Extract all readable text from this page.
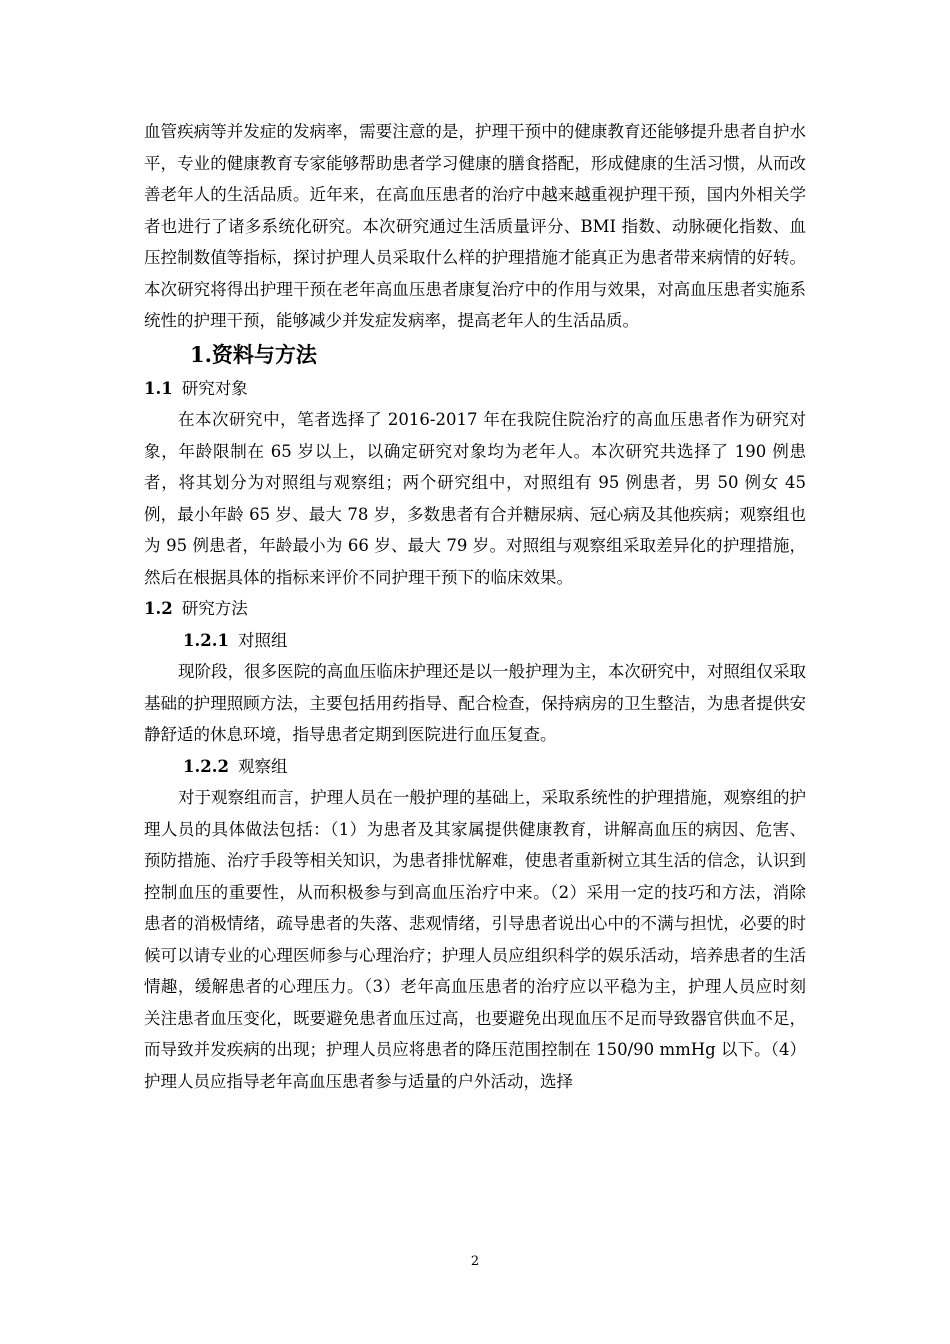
血管疾病等并发症的发病率，需要注意的是，护理干预中的健康教育还能够提升患者自护水平，专业的健康教育专家能够帮助患者学习健康的膳食搭配，形成健康的生活习惯，从而改善老年人的生活品质。近年来，在高血压患者的治疗中越来越重视护理干预，国内外相关学者也进行了诸多系统化研究。本次研究通过生活质量评分、BMI 指数、动脉硬化指数、血压控制数值等指标，探讨护理人员采取什么样的护理措施才能真正为患者带来病情的好转。本次研究将得出护理干预在老年高血压患者康复治疗中的作用与效果，对高血压患者实施系统性的护理干预，能够减少并发症发病率，提高老年人的生活品质。

1.资料与方法
1.1 研究对象

在本次研究中，笔者选择了 2016-2017 年在我院住院治疗的高血压患者作为研究对象，年龄限制在 65 岁以上，以确定研究对象均为老年人。本次研究共选择了 190 例患者，将其划分为对照组与观察组；两个研究组中，对照组有 95 例患者，男 50 例女 45 例，最小年龄 65 岁、最大 78 岁，多数患者有合并糖尿病、冠心病及其他疾病；观察组也为 95 例患者，年龄最小为 66 岁、最大 79 岁。对照组与观察组采取差异化的护理措施，然后在根据具体的指标来评价不同护理干预下的临床效果。

1.2 研究方法
1.2.1 对照组

现阶段，很多医院的高血压临床护理还是以一般护理为主，本次研究中，对照组仅采取基础的护理照顾方法，主要包括用药指导、配合检查，保持病房的卫生整洁，为患者提供安静舒适的休息环境，指导患者定期到医院进行血压复查。

1.2.2 观察组

对于观察组而言，护理人员在一般护理的基础上，采取系统性的护理措施，观察组的护理人员的具体做法包括：（1）为患者及其家属提供健康教育，讲解高血压的病因、危害、预防措施、治疗手段等相关知识，为患者排忧解难，使患者重新树立其生活的信念，认识到控制血压的重要性，从而积极参与到高血压治疗中来。（2）采用一定的技巧和方法，消除患者的消极情绪，疏导患者的失落、悲观情绪，引导患者说出心中的不满与担忧，必要的时候可以请专业的心理医师参与心理治疗；护理人员应组织科学的娱乐活动，培养患者的生活情趣，缓解患者的心理压力。（3）老年高血压患者的治疗应以平稳为主，护理人员应时刻关注患者血压变化，既要避免患者血压过高，也要避免出现血压不足而导致器官供血不足，而导致并发疾病的出现；护理人员应将患者的降压范围控制在 150/90 mmHg 以下。（4）护理人员应指导老年高血压患者参与适量的户外活动，选择

2
